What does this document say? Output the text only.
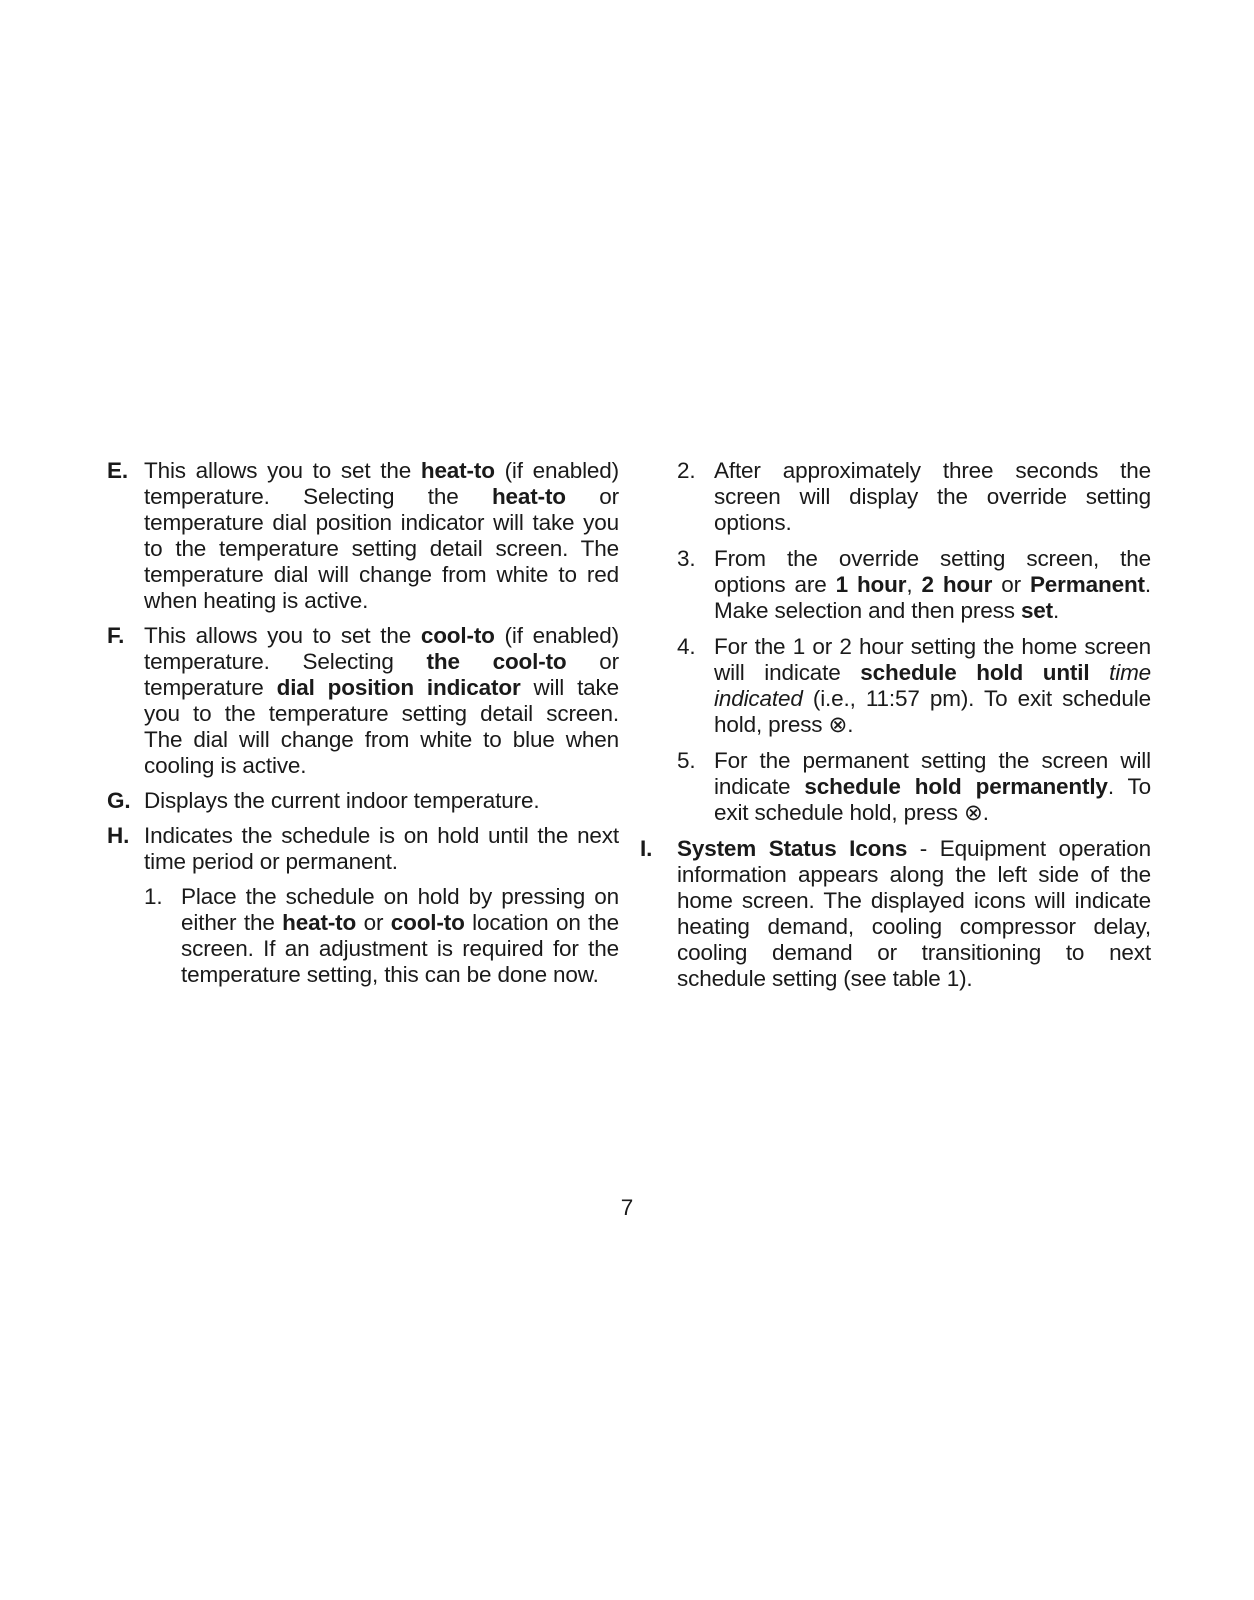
E. This allows you to set the heat-to (if enabled) temperature. Selecting the heat-to or temperature dial position indicator will take you to the temperature setting detail screen. The temperature dial will change from white to red when heating is active.
F. This allows you to set the cool-to (if enabled) temperature. Selecting the cool-to or temperature dial position indicator will take you to the temperature setting detail screen. The dial will change from white to blue when cooling is active.
G. Displays the current indoor temperature.
H. Indicates the schedule is on hold until the next time period or permanent.
1. Place the schedule on hold by pressing on either the heat-to or cool-to location on the screen. If an adjustment is required for the temperature setting, this can be done now.
2. After approximately three seconds the screen will display the override setting options.
3. From the override setting screen, the options are 1 hour, 2 hour or Permanent. Make selection and then press set.
4. For the 1 or 2 hour setting the home screen will indicate schedule hold until time indicated (i.e., 11:57 pm). To exit schedule hold, press ⊗.
5. For the permanent setting the screen will indicate schedule hold permanently. To exit schedule hold, press ⊗.
I. System Status Icons - Equipment operation information appears along the left side of the home screen. The displayed icons will indicate heating demand, cooling compressor delay, cooling demand or transitioning to next schedule setting (see table 1).
7
